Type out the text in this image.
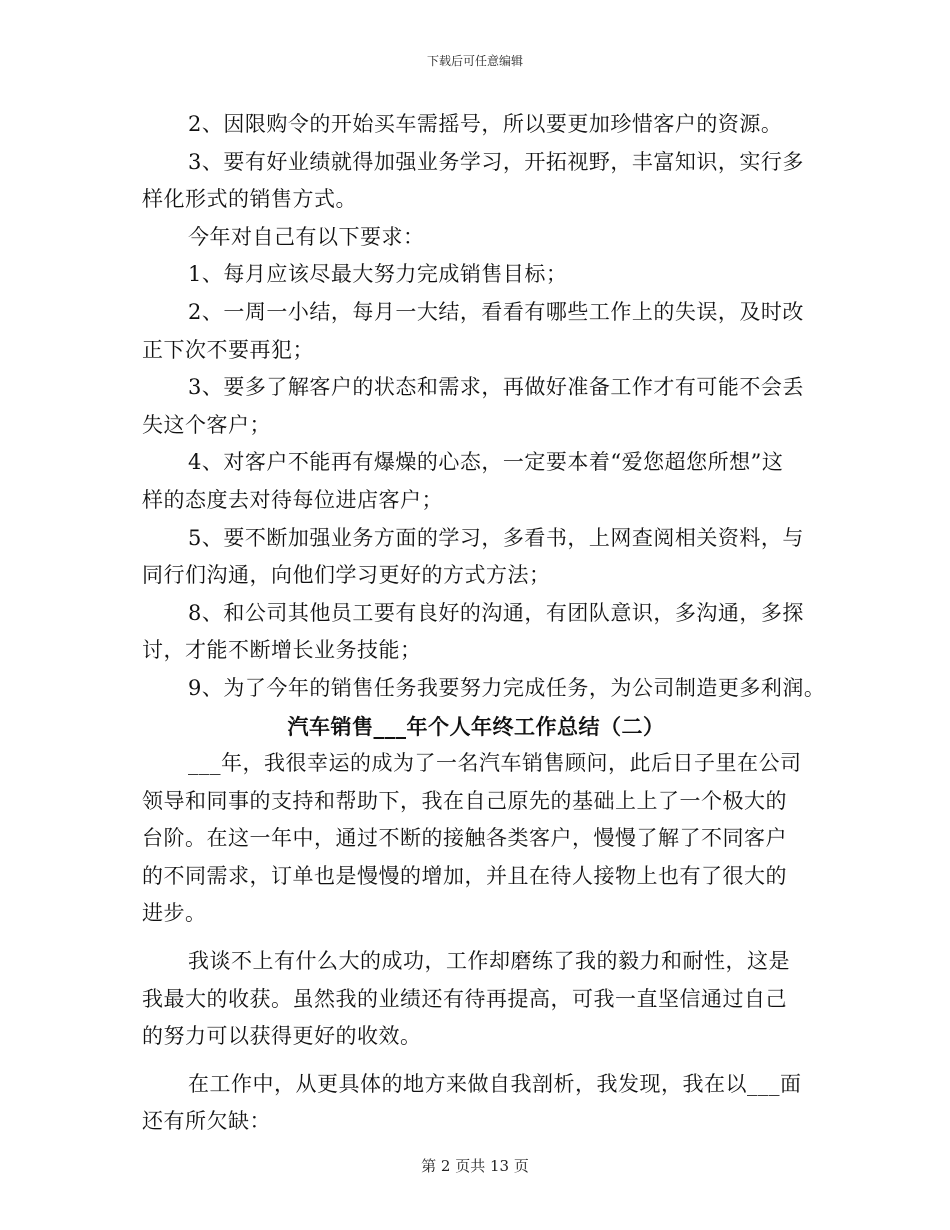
下载后可任意编辑
2、因限购令的开始买车需摇号，所以要更加珍惜客户的资源。
3、要有好业绩就得加强业务学习，开拓视野，丰富知识，实行多
样化形式的销售方式。
今年对自己有以下要求：
1、每月应该尽最大努力完成销售目标；
2、一周一小结，每月一大结，看看有哪些工作上的失误，及时改
正下次不要再犯；
3、要多了解客户的状态和需求，再做好准备工作才有可能不会丢
失这个客户；
4、对客户不能再有爆燥的心态，一定要本着“爱您超您所想”这
样的态度去对待每位进店客户；
5、要不断加强业务方面的学习，多看书，上网查阅相关资料，与
同行们沟通，向他们学习更好的方式方法；
8、和公司其他员工要有良好的沟通，有团队意识，多沟通，多探
讨，才能不断增长业务技能；
9、为了今年的销售任务我要努力完成任务，为公司制造更多利润。

汽车销售___年个人年终工作总结（二）

___年，我很幸运的成为了一名汽车销售顾问，此后日子里在公司
领导和同事的支持和帮助下，我在自己原先的基础上上了一个极大的
台阶。在这一年中，通过不断的接触各类客户，慢慢了解了不同客户
的不同需求，订单也是慢慢的增加，并且在待人接物上也有了很大的
进步。
我谈不上有什么大的成功，工作却磨练了我的毅力和耐性，这是
我最大的收获。虽然我的业绩还有待再提高，可我一直坚信通过自己
的努力可以获得更好的收效。
在工作中，从更具体的地方来做自我剖析，我发现，我在以___面
还有所欠缺：
第 2 页共 13 页
